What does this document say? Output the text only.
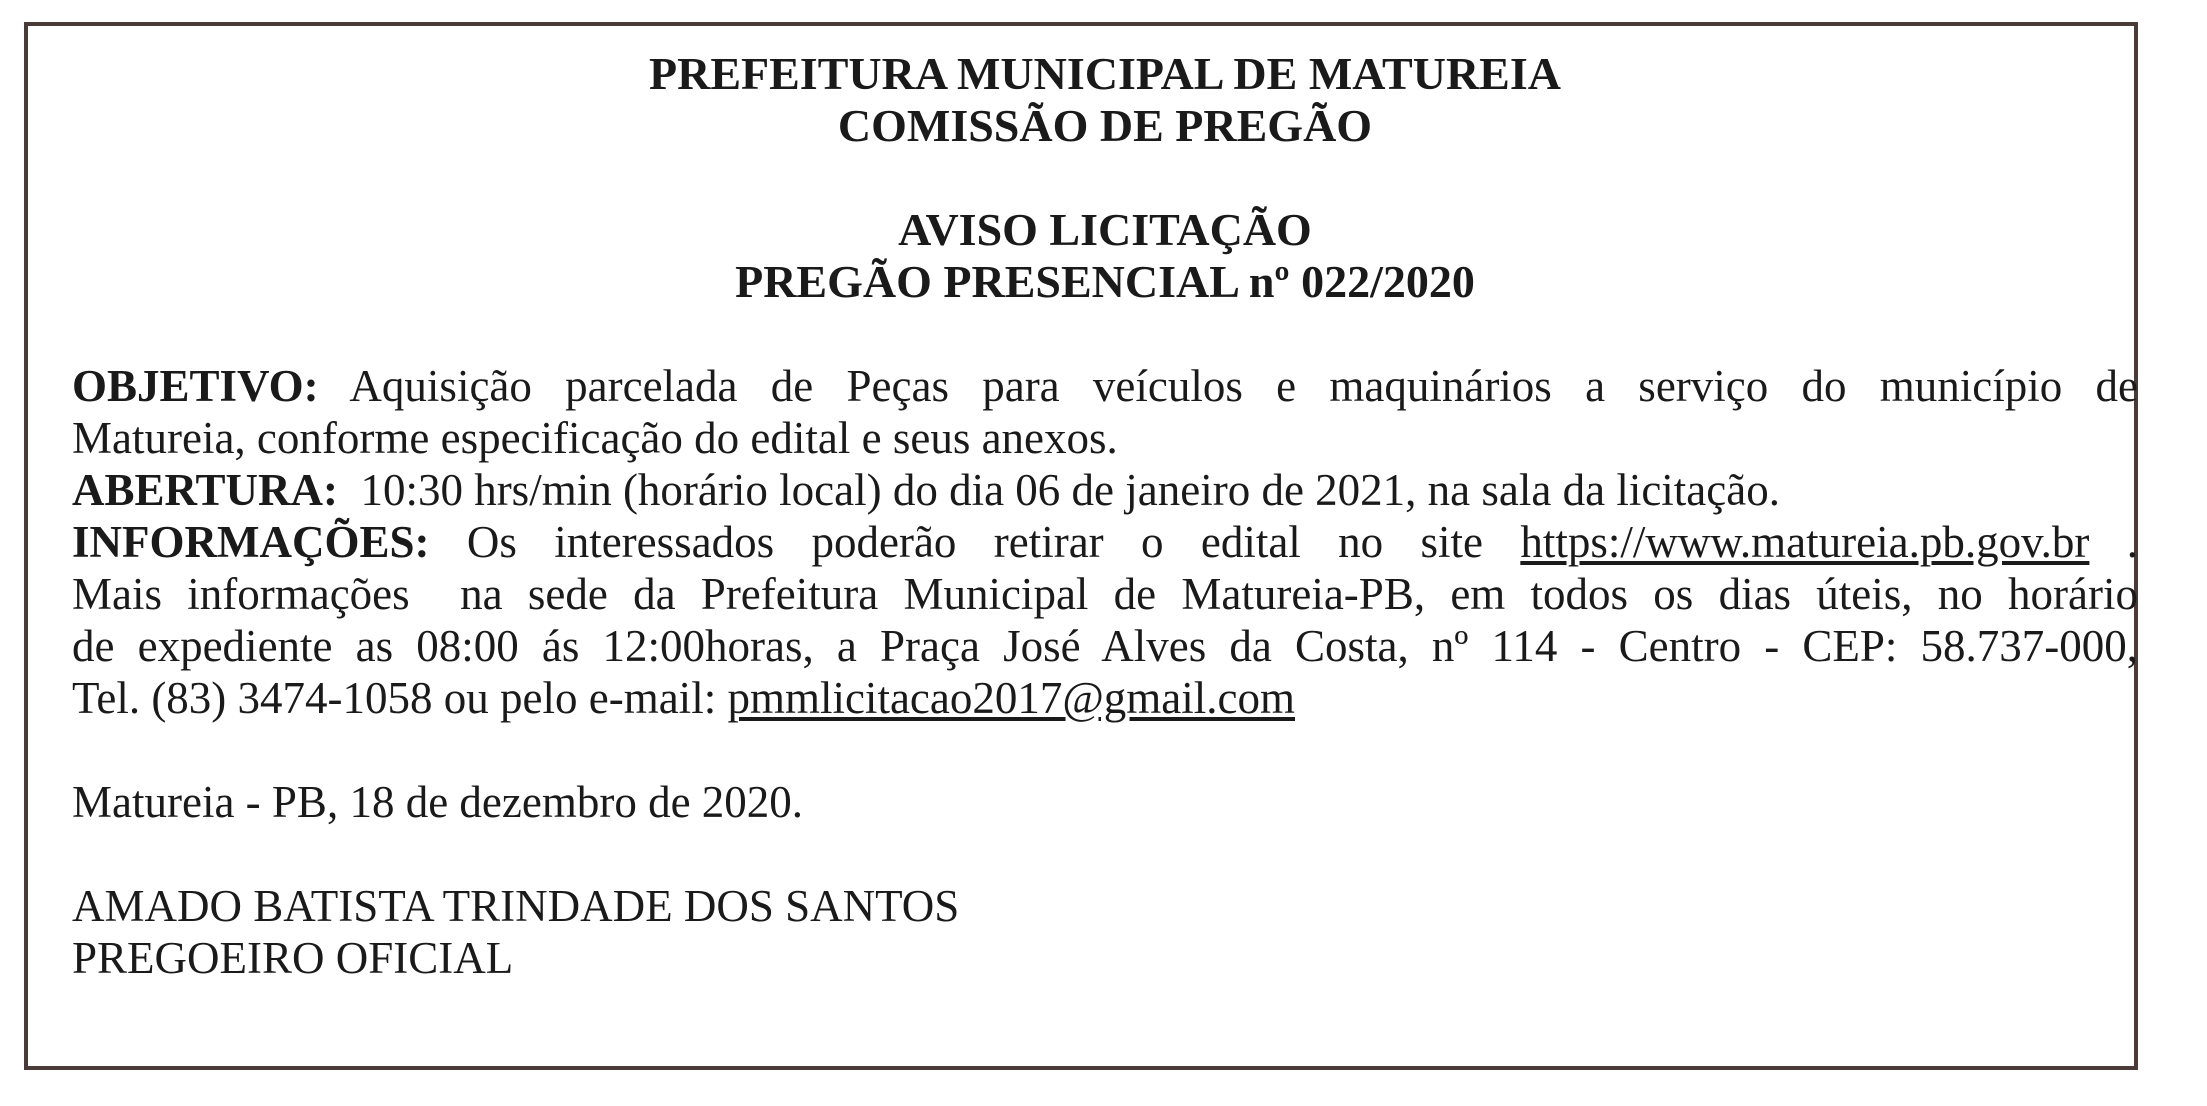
PREFEITURA MUNICIPAL DE MATUREIA
COMISSÃO DE PREGÃO
AVISO LICITAÇÃO
PREGÃO PRESENCIAL nº 022/2020

OBJETIVO: Aquisição parcelada de Peças para veículos e maquinários a serviço do município de

Matureia, conforme especificação do edital e seus anexos.

ABERTURA:  10:30 hrs/min (horário local) do dia 06 de janeiro de 2021, na sala da licitação.

INFORMAÇÕES: Os interessados poderão retirar o edital no site https://www.matureia.pb.gov.br .

Mais informações  na sede da Prefeitura Municipal de Matureia-PB, em todos os dias úteis, no horário

de expediente as 08:00 ás 12:00horas, a Praça José Alves da Costa, nº 114 - Centro - CEP: 58.737-000,

Tel. (83) 3474-1058 ou pelo e-mail: pmmlicitacao2017@gmail.com

Matureia - PB, 18 de dezembro de 2020.

AMADO BATISTA TRINDADE DOS SANTOS

PREGOEIRO OFICIAL
